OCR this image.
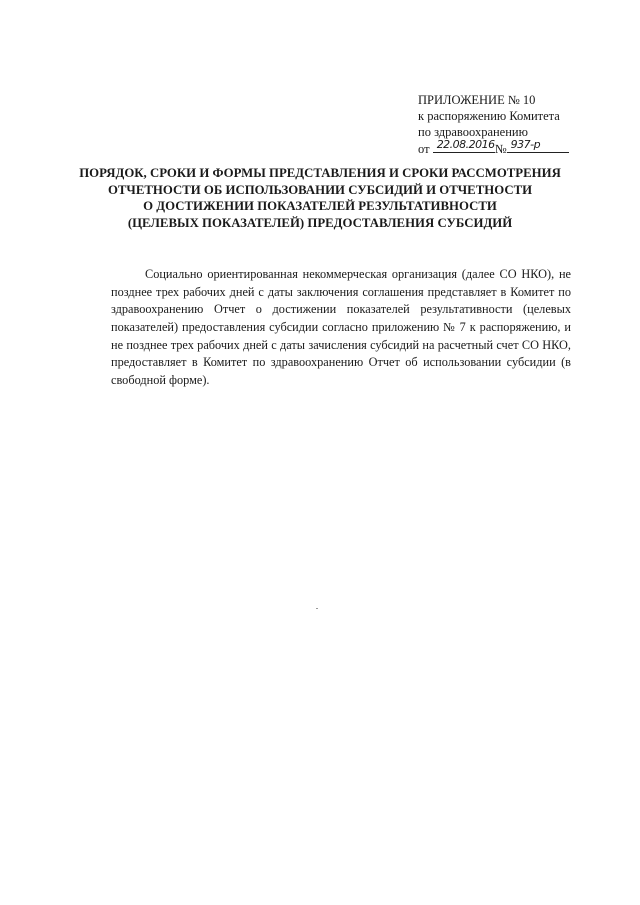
ПРИЛОЖЕНИЕ № 10
к распоряжению Комитета
по здравоохранению
от 22.08.2016 № 937-р
ПОРЯДОК, СРОКИ И ФОРМЫ ПРЕДСТАВЛЕНИЯ И СРОКИ РАССМОТРЕНИЯ
ОТЧЕТНОСТИ ОБ ИСПОЛЬЗОВАНИИ СУБСИДИЙ И ОТЧЕТНОСТИ
О ДОСТИЖЕНИИ ПОКАЗАТЕЛЕЙ РЕЗУЛЬТАТИВНОСТИ
(ЦЕЛЕВЫХ ПОКАЗАТЕЛЕЙ) ПРЕДОСТАВЛЕНИЯ СУБСИДИЙ

Социально ориентированная некоммерческая организация (далее СО НКО), не позднее трех рабочих дней с даты заключения соглашения представляет в Комитет по здравоохранению Отчет о достижении показателей результативности (целевых показателей) предоставления субсидии согласно приложению № 7 к распоряжению, и не позднее трех рабочих дней с даты зачисления субсидий на расчетный счет СО НКО, предоставляет в Комитет по здравоохранению Отчет об использовании субсидии (в свободной форме).
